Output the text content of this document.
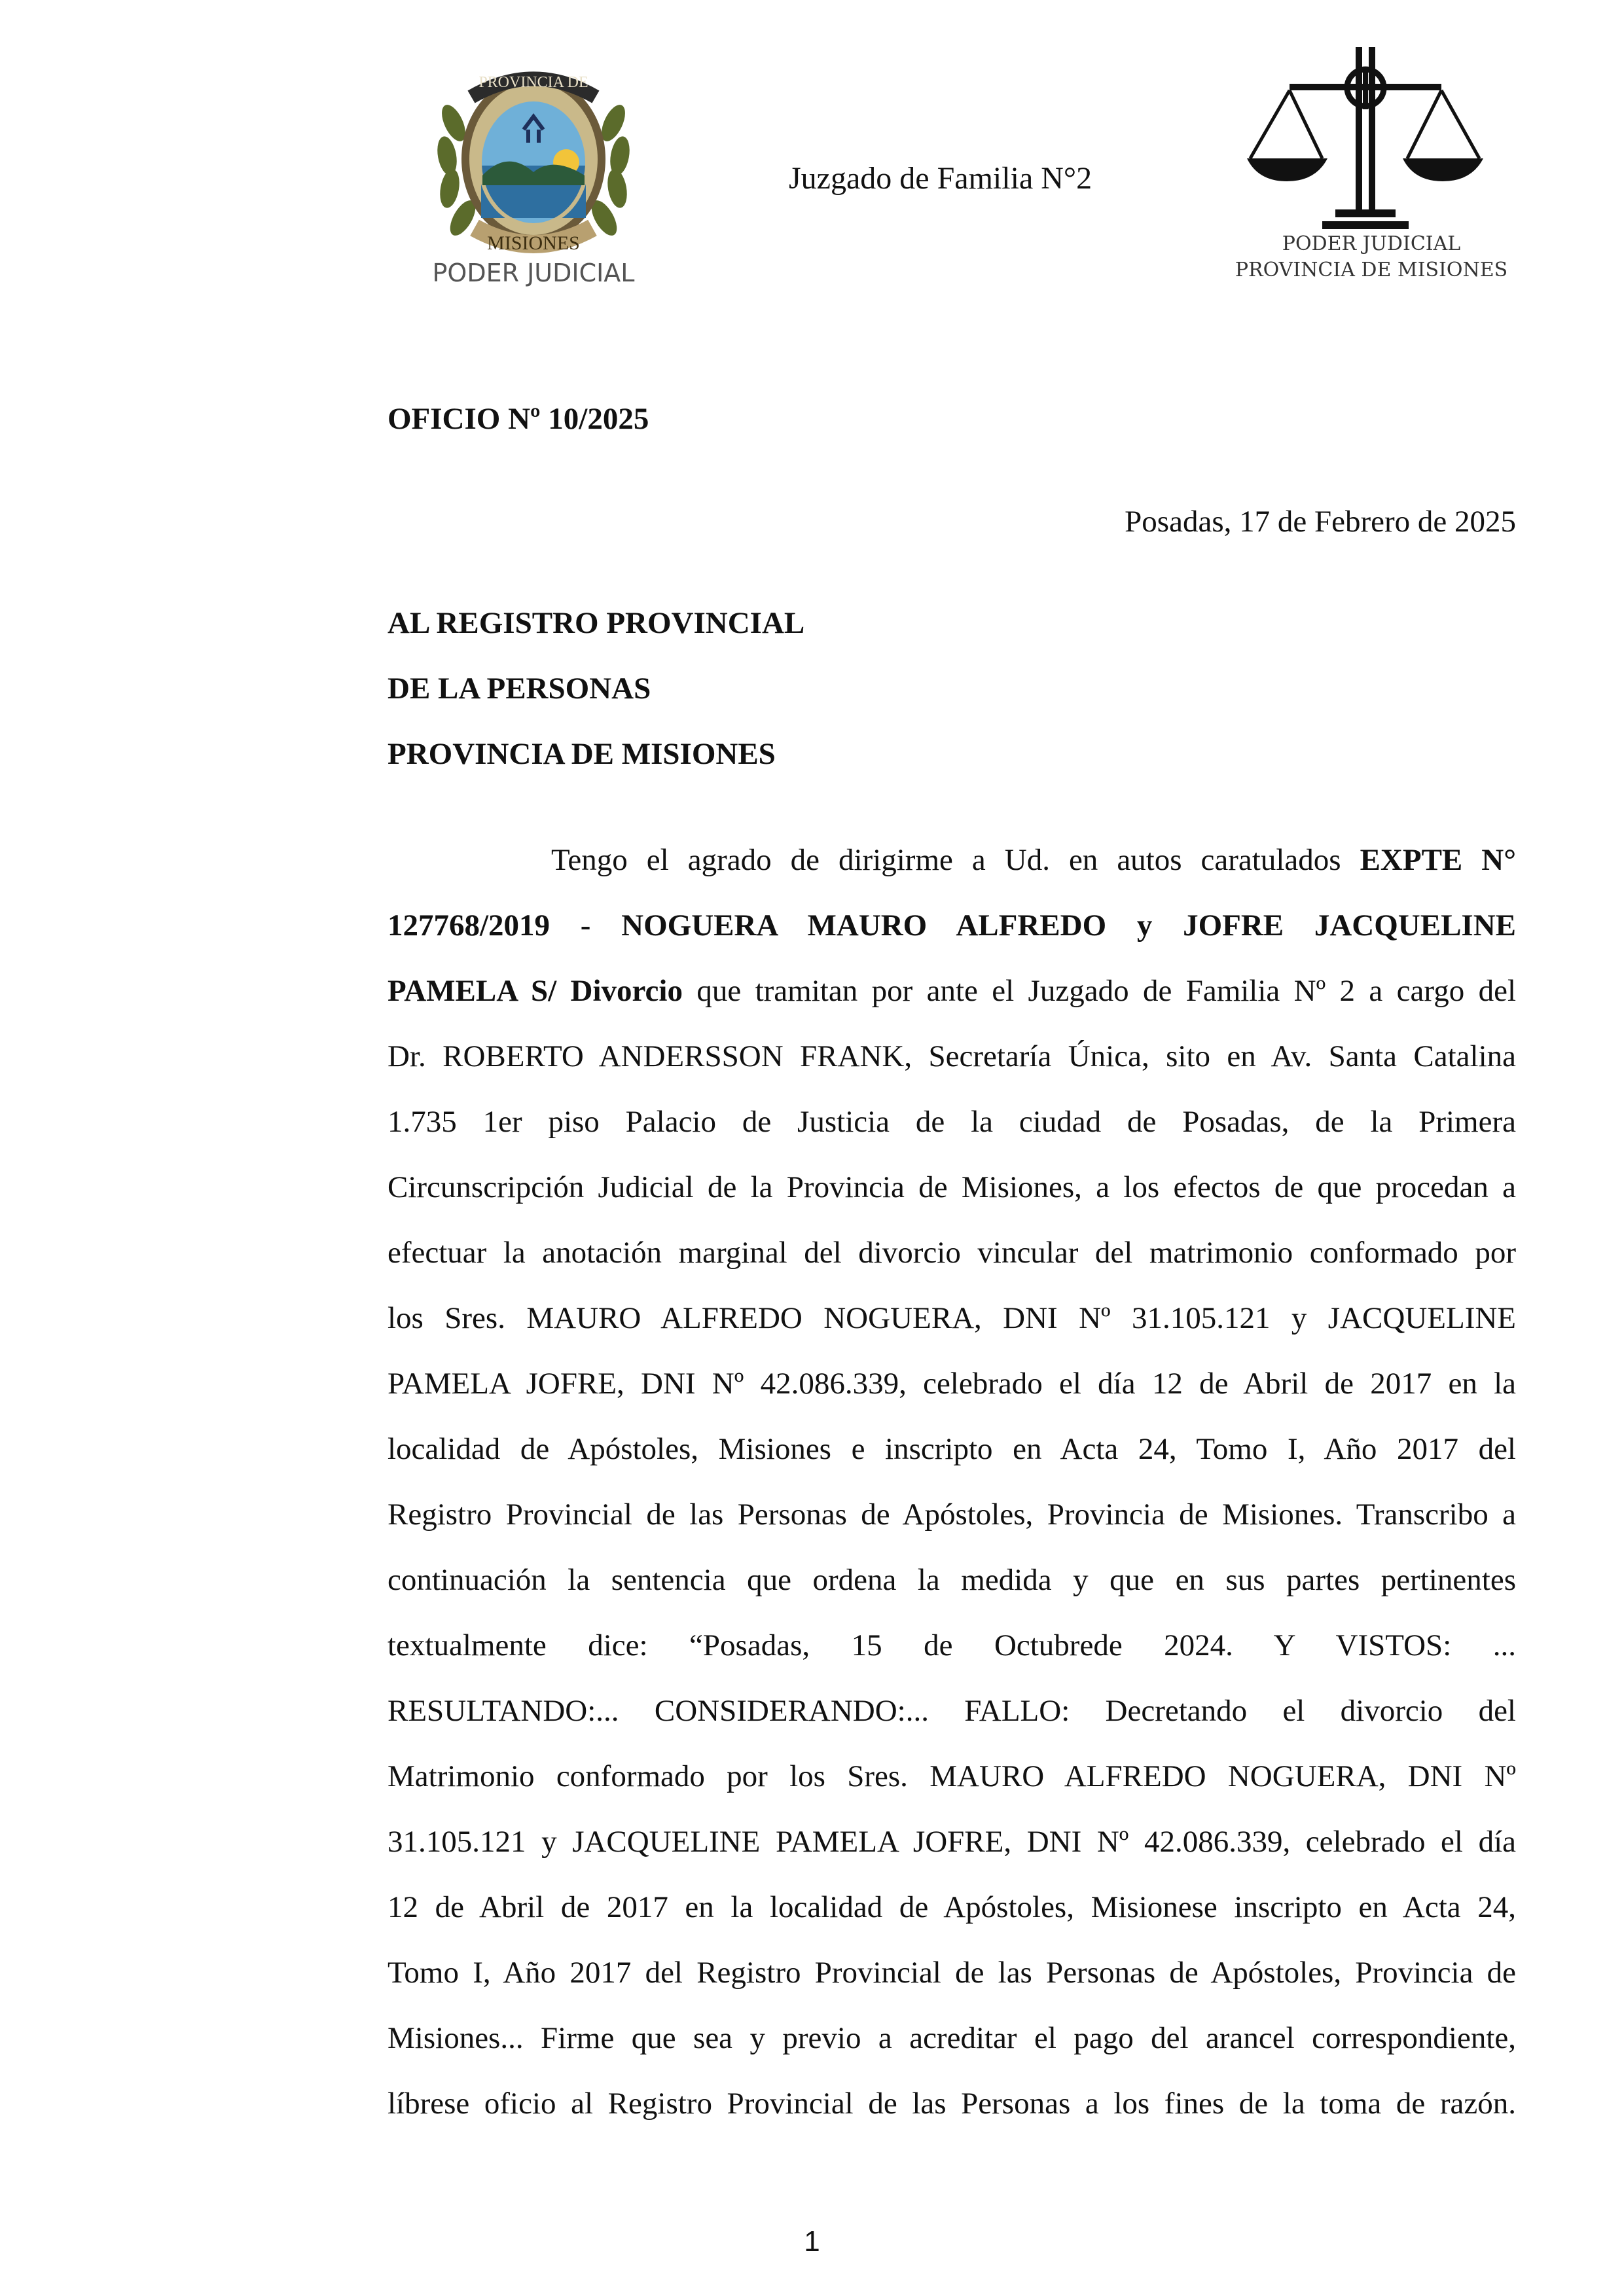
PROVINCIA DE
MISIONES
PODER JUDICIAL
Juzgado de Familia N°2
PODER JUDICIAL
PROVINCIA DE MISIONES
OFICIO Nº 10/2025
Posadas, 17 de Febrero de 2025
AL REGISTRO PROVINCIAL
DE LA PERSONAS
PROVINCIA DE MISIONES
Tengo el agrado de dirigirme a Ud. en autos caratulados EXPTE N°
127768/2019 - NOGUERA MAURO ALFREDO y JOFRE JACQUELINE
PAMELA S/ Divorcio que tramitan por ante el Juzgado de Familia Nº 2 a cargo del
Dr. ROBERTO ANDERSSON FRANK, Secretaría Única, sito en Av. Santa Catalina
1.735 1er piso Palacio de Justicia de la ciudad de Posadas, de la Primera
Circunscripción Judicial de la Provincia de Misiones, a los efectos de que procedan a
efectuar la anotación marginal del divorcio vincular del matrimonio conformado por
los Sres. MAURO ALFREDO NOGUERA, DNI Nº 31.105.121 y JACQUELINE
PAMELA JOFRE, DNI Nº 42.086.339, celebrado el día 12 de Abril de 2017 en la
localidad de Apóstoles, Misiones e inscripto en Acta 24, Tomo I, Año 2017 del
Registro Provincial de las Personas de Apóstoles, Provincia de Misiones. Transcribo a
continuación la sentencia que ordena la medida y que en sus partes pertinentes
textualmente dice: “Posadas, 15 de Octubrede 2024. Y VISTOS: ...
RESULTANDO:... CONSIDERANDO:... FALLO: Decretando el divorcio del
Matrimonio conformado por los Sres. MAURO ALFREDO NOGUERA, DNI Nº
31.105.121 y JACQUELINE PAMELA JOFRE, DNI Nº 42.086.339, celebrado el día
12 de Abril de 2017 en la localidad de Apóstoles, Misionese inscripto en Acta 24,
Tomo I, Año 2017 del Registro Provincial de las Personas de Apóstoles, Provincia de
Misiones... Firme que sea y previo a acreditar el pago del arancel correspondiente,
líbrese oficio al Registro Provincial de las Personas a los fines de la toma de razón.
1
